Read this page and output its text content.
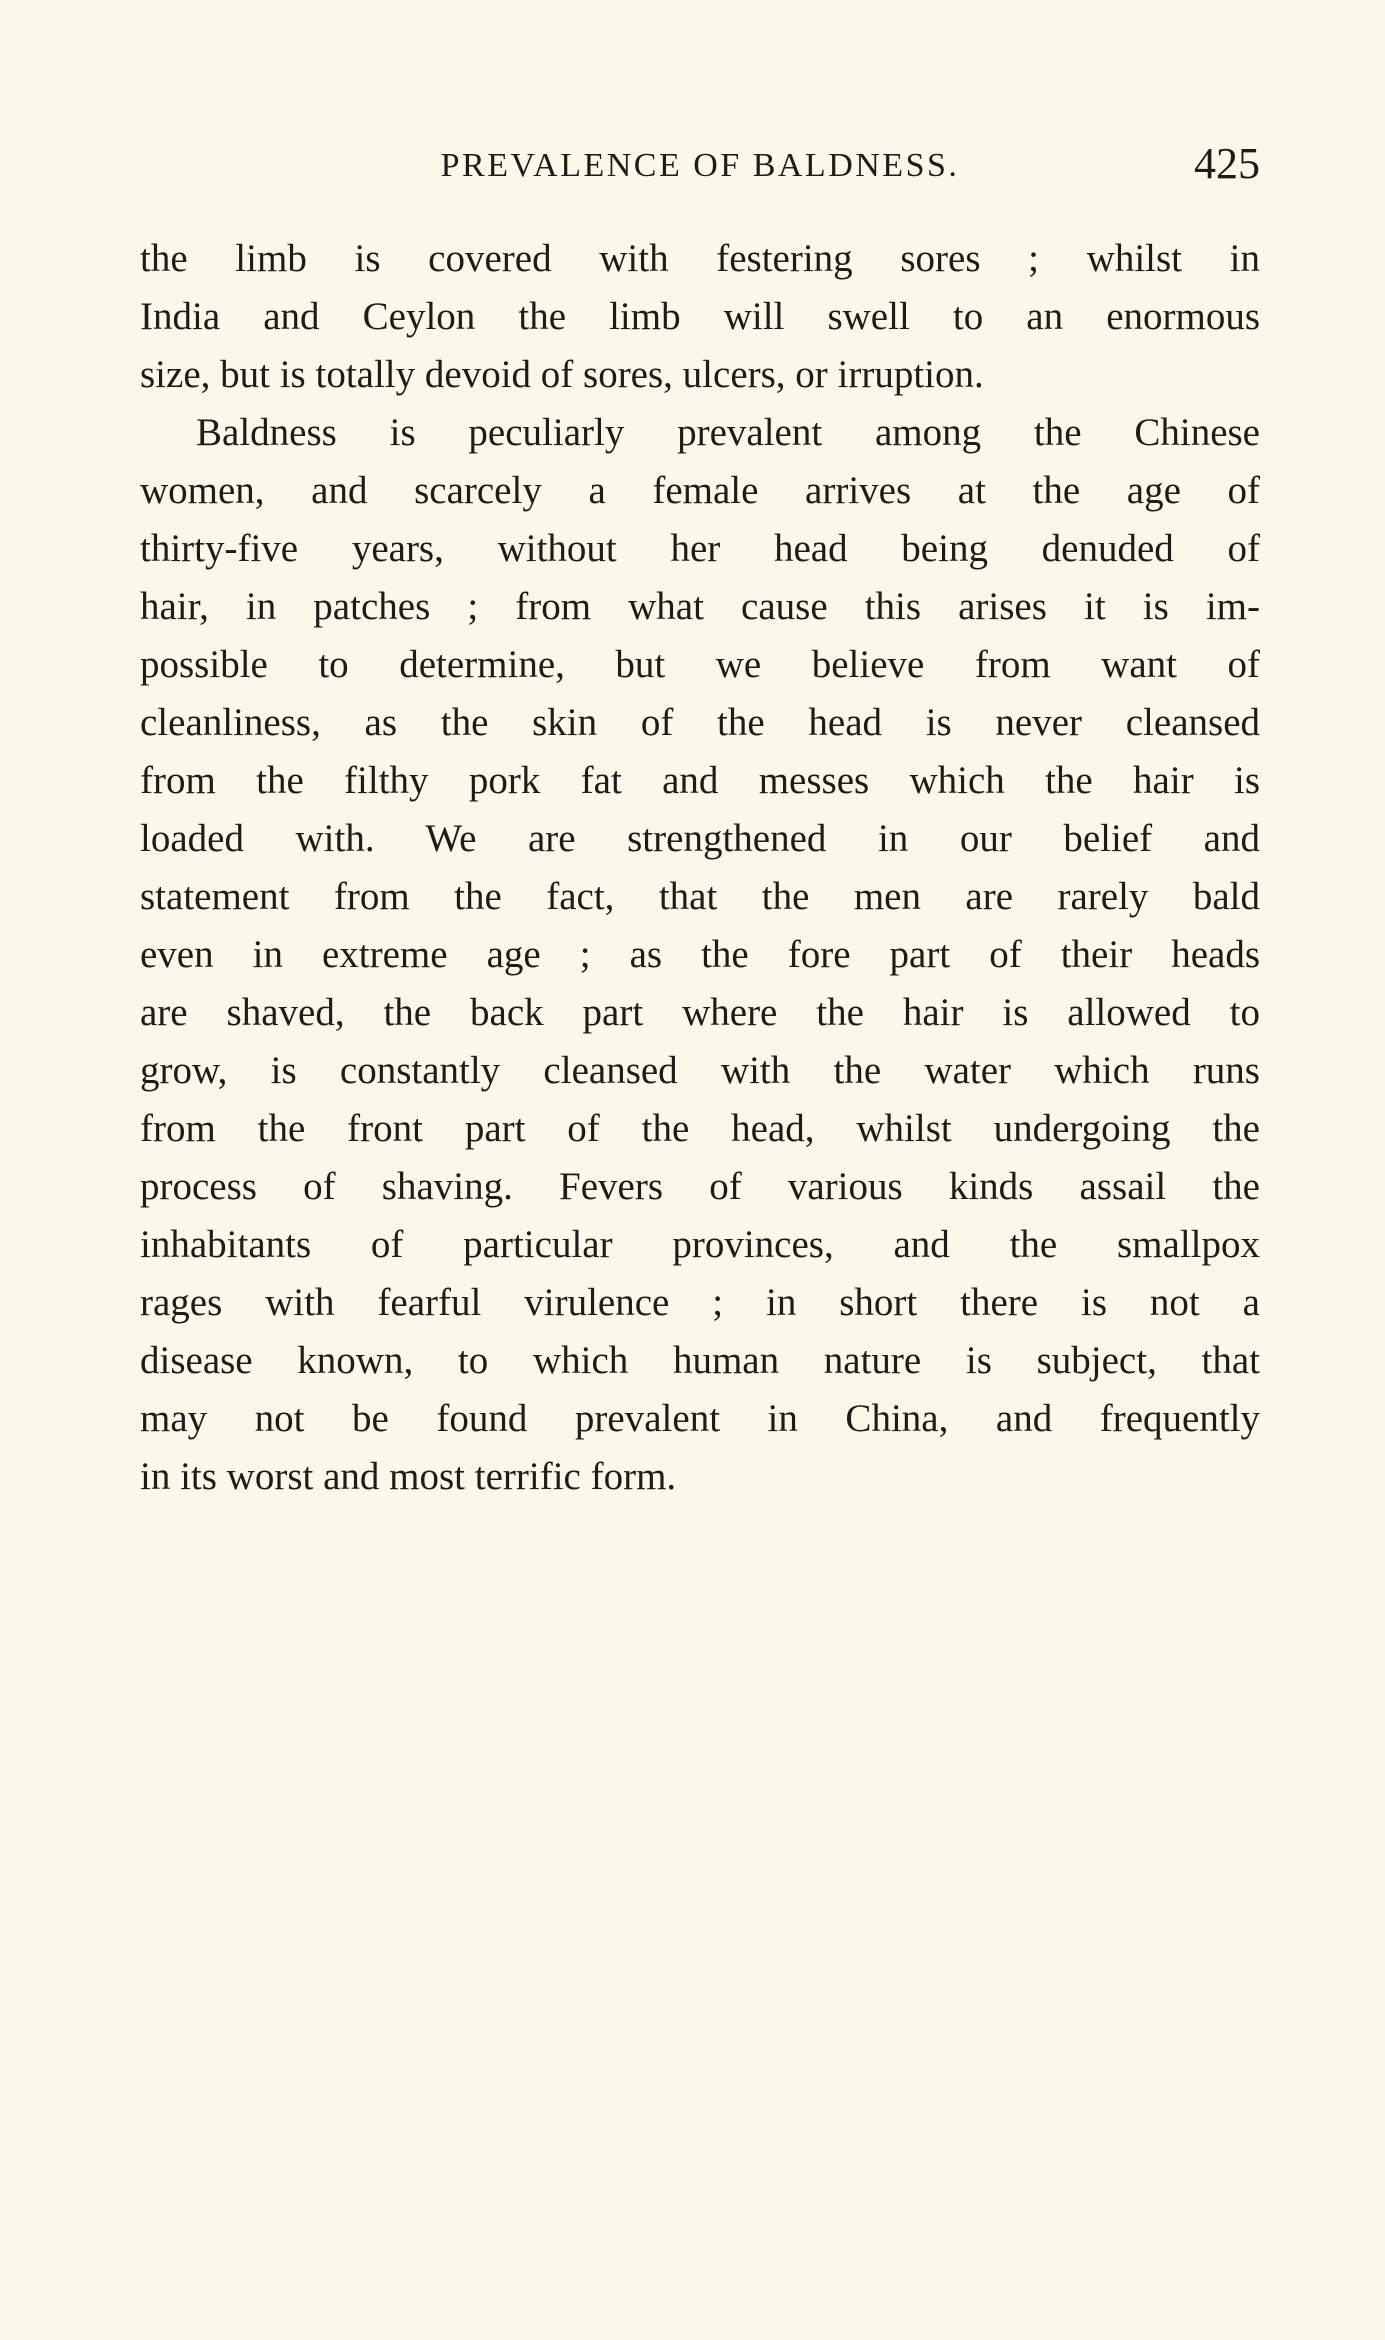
PREVALENCE OF BALDNESS.	425
the limb is covered with festering sores ; whilst in
India and Ceylon the limb will swell to an enormous
size, but is totally devoid of sores, ulcers, or irruption.
Baldness is peculiarly prevalent among the Chinese
women, and scarcely a female arrives at the age of
thirty-five years, without her head being denuded of
hair, in patches ; from what cause this arises it is im-
possible to determine, but we believe from want of
cleanliness, as the skin of the head is never cleansed
from the filthy pork fat and messes which the hair is
loaded with. We are strengthened in our belief and
statement from the fact, that the men are rarely bald
even in extreme age ; as the fore part of their heads
are shaved, the back part where the hair is allowed to
grow, is constantly cleansed with the water which runs
from the front part of the head, whilst undergoing the
process of shaving. Fevers of various kinds assail the
inhabitants of particular provinces, and the smallpox
rages with fearful virulence ; in short there is not a
disease known, to which human nature is subject, that
may not be found prevalent in China, and frequently
in its worst and most terrific form.
